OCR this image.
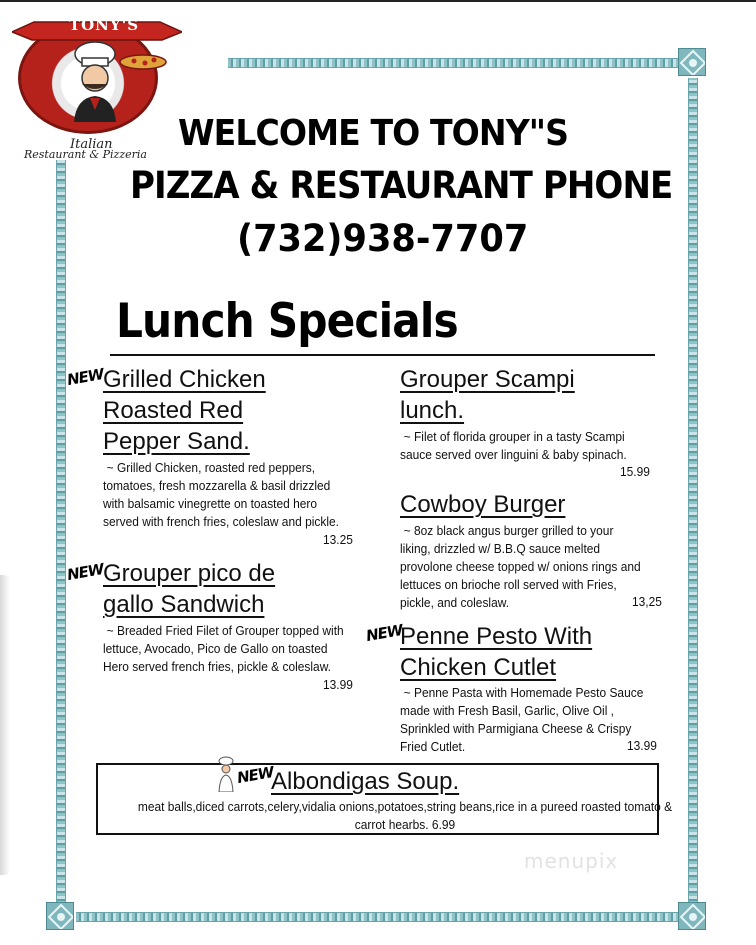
TONY'S
Italian
Restaurant & Pizzeria
WELCOME TO TONY"S
PIZZA & RESTAURANT PHONE
(732)938-7707
Lunch Specials
NEW
Grilled Chicken
Roasted Red
Pepper Sand.
~ Grilled Chicken, roasted red peppers,
tomatoes, fresh mozzarella & basil drizzled
with balsamic vinegrette on toasted hero
served with french fries, coleslaw and pickle.
13.25
NEW
Grouper pico de
gallo Sandwich
~ Breaded Fried Filet of Grouper topped with
lettuce, Avocado, Pico de Gallo on toasted
Hero served french fries, pickle & coleslaw.
13.99
Grouper Scampi
lunch.
~ Filet of florida grouper in a tasty Scampi
sauce served over linguini & baby spinach.
15.99
Cowboy Burger
~ 8oz black angus burger grilled to your
liking, drizzled w/ B.B.Q sauce melted
provolone cheese topped w/ onions rings and
lettuces on brioche roll served with Fries,
pickle, and coleslaw.	13,25
NEW
Penne Pesto With
Chicken Cutlet
~ Penne Pasta with Homemade Pesto Sauce
made with Fresh Basil, Garlic, Olive Oil ,
Sprinkled with Parmigiana Cheese & Crispy
Fried Cutlet.	13.99
NEW
Albondigas Soup.
meat balls,diced carrots,celery,vidalia onions,potatoes,string beans,rice in a pureed roasted tomato &
carrot hearbs. 6.99
menupix
